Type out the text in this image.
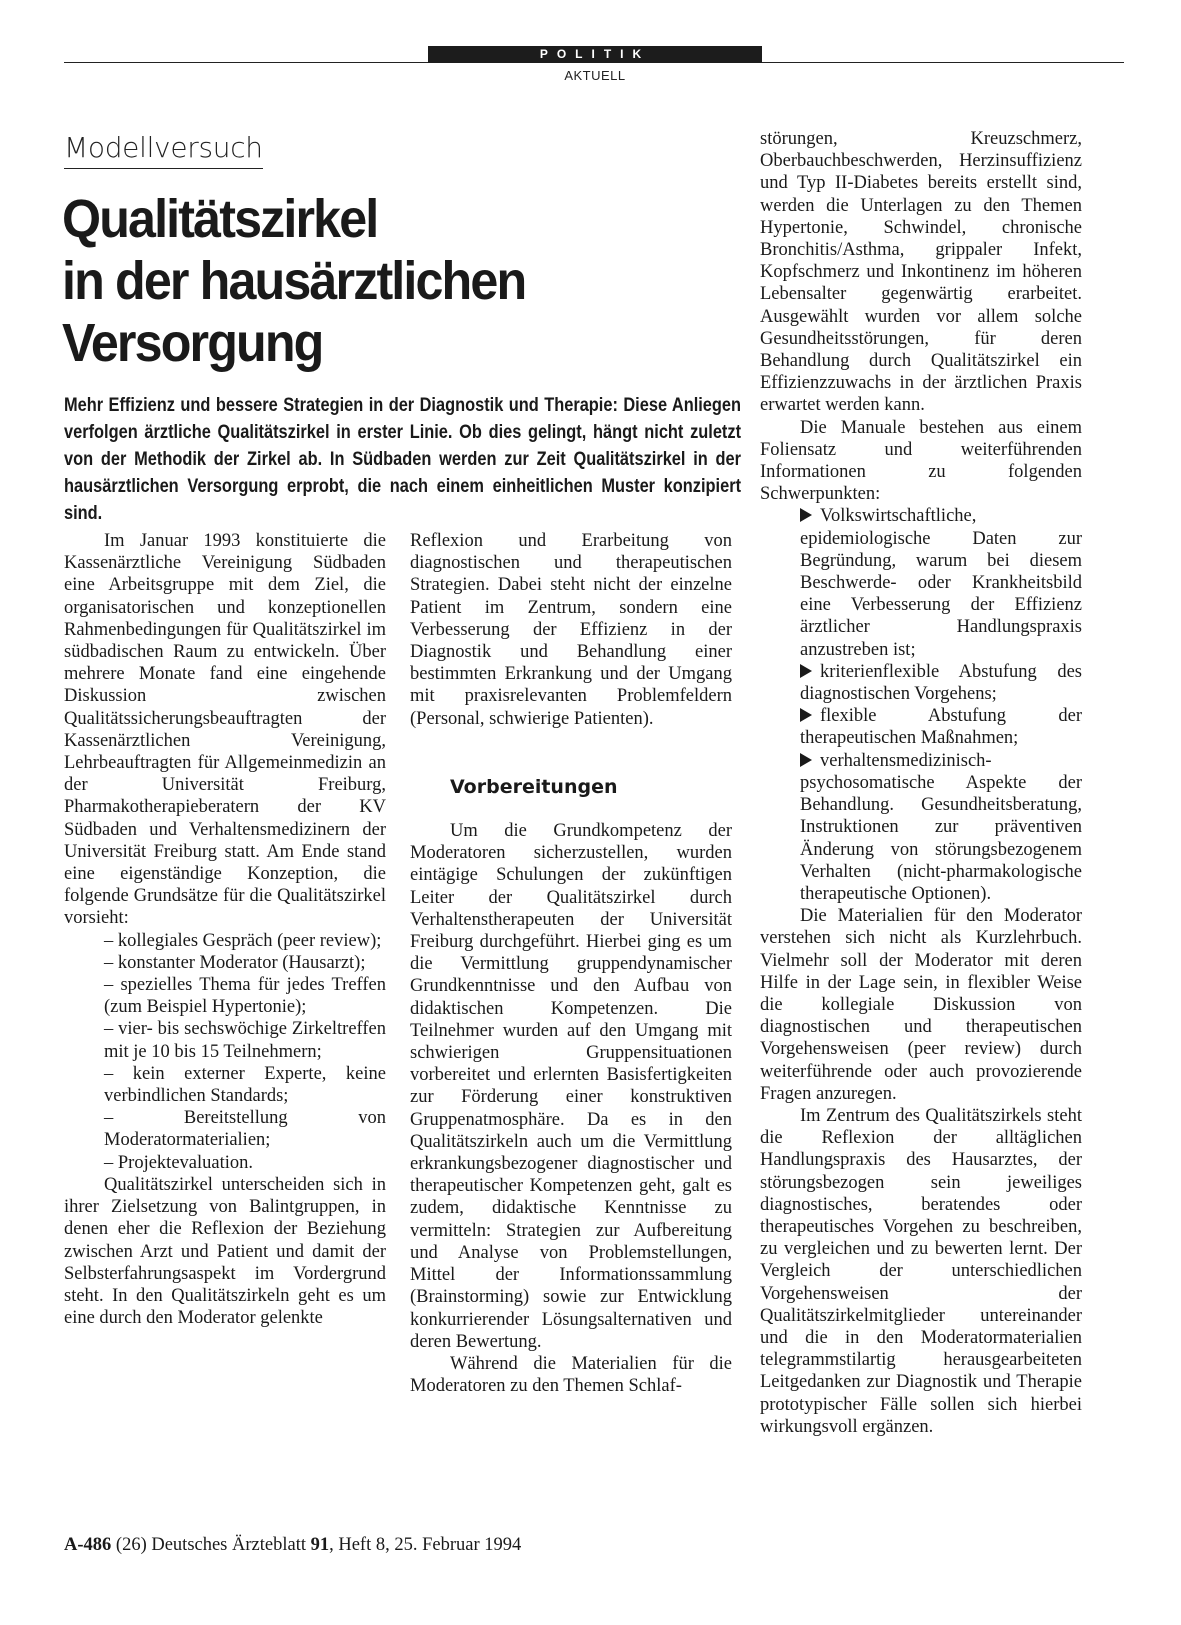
POLITIK
AKTUELL
Modellversuch
Qualitätszirkel
in der hausärztlichen
Versorgung
Mehr Effizienz und bessere Strategien in der Diagnostik und Therapie: Diese Anliegen verfolgen ärztliche Qualitätszirkel in erster Linie. Ob dies gelingt, hängt nicht zuletzt von der Methodik der Zirkel ab. In Südbaden werden zur Zeit Qualitätszirkel in der hausärztlichen Versorgung erprobt, die nach einem einheitlichen Muster konzipiert sind.

Im Januar 1993 konstituierte die Kassenärztliche Vereinigung Südbaden eine Arbeitsgruppe mit dem Ziel, die organisatorischen und konzeptionellen Rahmenbedingungen für Qualitätszirkel im südbadischen Raum zu entwickeln. Über mehrere Monate fand eine eingehende Diskussion zwischen Qualitätssicherungsbeauftragten der Kassenärztlichen Vereinigung, Lehrbeauftragten für Allgemeinmedizin an der Universität Freiburg, Pharmakotherapieberatern der KV Südbaden und Verhaltensmedizinern der Universität Freiburg statt. Am Ende stand eine eigenständige Konzeption, die folgende Grundsätze für die Qualitätszirkel vorsieht:

– kollegiales Gespräch (peer review);

– konstanter Moderator (Hausarzt);

– spezielles Thema für jedes Treffen (zum Beispiel Hypertonie);

– vier- bis sechswöchige Zirkeltreffen mit je 10 bis 15 Teilnehmern;

– kein externer Experte, keine verbindlichen Standards;

– Bereitstellung von Moderatormaterialien;

– Projektevaluation.

Qualitätszirkel unterscheiden sich in ihrer Zielsetzung von Balintgruppen, in denen eher die Reflexion der Beziehung zwischen Arzt und Patient und damit der Selbsterfahrungsaspekt im Vordergrund steht. In den Qualitätszirkeln geht es um eine durch den Moderator gelenkte

Reflexion und Erarbeitung von diagnostischen und therapeutischen Strategien. Dabei steht nicht der einzelne Patient im Zentrum, sondern eine Verbesserung der Effizienz in der Diagnostik und Behandlung einer bestimmten Erkrankung und der Umgang mit praxisrelevanten Problemfeldern (Personal, schwierige Patienten).

Vorbereitungen

Um die Grundkompetenz der Moderatoren sicherzustellen, wurden eintägige Schulungen der zukünftigen Leiter der Qualitätszirkel durch Verhaltenstherapeuten der Universität Freiburg durchgeführt. Hierbei ging es um die Vermittlung gruppendynamischer Grundkenntnisse und den Aufbau von didaktischen Kompetenzen. Die Teilnehmer wurden auf den Umgang mit schwierigen Gruppensituationen vorbereitet und erlernten Basisfertigkeiten zur Förderung einer konstruktiven Gruppenatmosphäre. Da es in den Qualitätszirkeln auch um die Vermittlung erkrankungsbezogener diagnostischer und therapeutischer Kompetenzen geht, galt es zudem, didaktische Kenntnisse zu vermitteln: Strategien zur Aufbereitung und Analyse von Problemstellungen, Mittel der Informationssammlung (Brainstorming) sowie zur Entwicklung konkurrierender Lösungsalternativen und deren Bewertung.

Während die Materialien für die Moderatoren zu den Themen Schlaf-

störungen, Kreuzschmerz, Oberbauchbeschwerden, Herzinsuffizienz und Typ II-Diabetes bereits erstellt sind, werden die Unterlagen zu den Themen Hypertonie, Schwindel, chronische Bronchitis/Asthma, grippaler Infekt, Kopfschmerz und Inkontinenz im höheren Lebensalter gegenwärtig erarbeitet. Ausgewählt wurden vor allem solche Gesundheitsstörungen, für deren Behandlung durch Qualitätszirkel ein Effizienzzuwachs in der ärztlichen Praxis erwartet werden kann.

Die Manuale bestehen aus einem Foliensatz und weiterführenden Informationen zu folgenden Schwerpunkten:

Volkswirtschaftliche, epidemiologische Daten zur Begründung, warum bei diesem Beschwerde- oder Krankheitsbild eine Verbesserung der Effizienz ärztlicher Handlungspraxis anzustreben ist;

kriterienflexible Abstufung des diagnostischen Vorgehens;

flexible Abstufung der therapeutischen Maßnahmen;

verhaltensmedizinisch-psychosomatische Aspekte der Behandlung. Gesundheitsberatung, Instruktionen zur präventiven Änderung von störungsbezogenem Verhalten (nicht-pharmakologische therapeutische Optionen).

Die Materialien für den Moderator verstehen sich nicht als Kurzlehrbuch. Vielmehr soll der Moderator mit deren Hilfe in der Lage sein, in flexibler Weise die kollegiale Diskussion von diagnostischen und therapeutischen Vorgehensweisen (peer review) durch weiterführende oder auch provozierende Fragen anzuregen.

Im Zentrum des Qualitätszirkels steht die Reflexion der alltäglichen Handlungspraxis des Hausarztes, der störungsbezogen sein jeweiliges diagnostisches, beratendes oder therapeutisches Vorgehen zu beschreiben, zu vergleichen und zu bewerten lernt. Der Vergleich der unterschiedlichen Vorgehensweisen der Qualitätszirkelmitglieder untereinander und die in den Moderatormaterialien telegrammstilartig herausgearbeiteten Leitgedanken zur Diagnostik und Therapie prototypischer Fälle sollen sich hierbei wirkungsvoll ergänzen.

A-486 (26) Deutsches Ärzteblatt 91, Heft 8, 25. Februar 1994
